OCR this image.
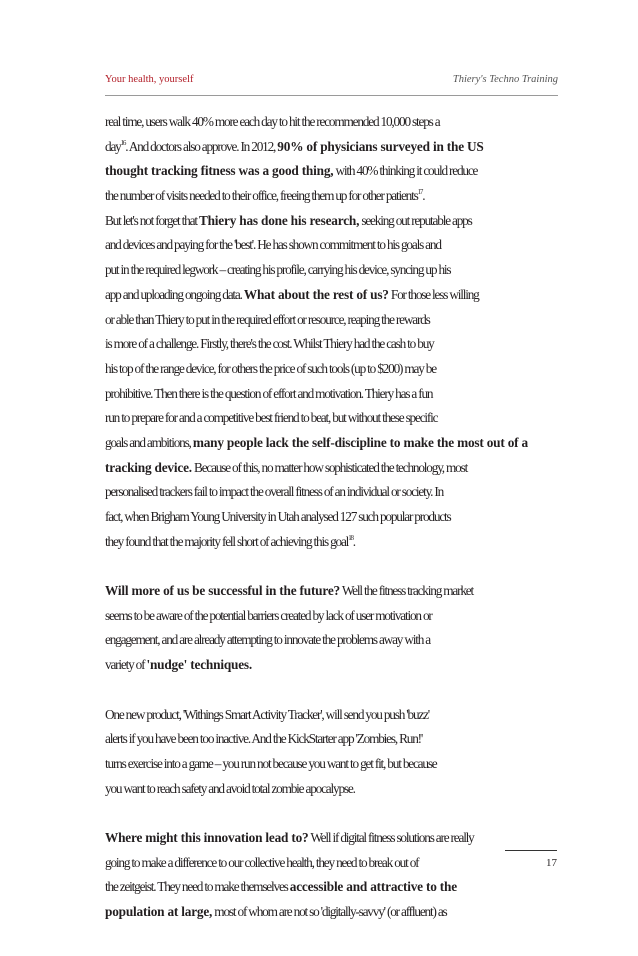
Your health, yourself	Thiery's Techno Training
real time, users walk 40% more each day to hit the recommended 10,000 steps a
day$^{16}$. And doctors also approve. In 2012, 90% of physicians surveyed in the US
thought tracking fitness was a good thing, with 40% thinking it could reduce
the number of visits needed to their office, freeing them up for other patients$^{17}$.
But let's not forget that Thiery has done his research, seeking out reputable apps
and devices and paying for the 'best'. He has shown commitment to his goals and
put in the required legwork – creating his profile, carrying his device, syncing up his
app and uploading ongoing data. What about the rest of us? For those less willing
or able than Thiery to put in the required effort or resource, reaping the rewards
is more of a challenge. Firstly, there's the cost. Whilst Thiery had the cash to buy
his top of the range device, for others the price of such tools (up to $200) may be
prohibitive. Then there is the question of effort and motivation. Thiery has a fun
run to prepare for and a competitive best friend to beat, but without these specific
goals and ambitions, many people lack the self-discipline to make the most out of a
tracking device. Because of this, no matter how sophisticated the technology, most
personalised trackers fail to impact the overall fitness of an individual or society. In
fact, when Brigham Young University in Utah analysed 127 such popular products
they found that the majority fell short of achieving this goal$^{18}$.
Will more of us be successful in the future? Well the fitness tracking market
seems to be aware of the potential barriers created by lack of user motivation or
engagement, and are already attempting to innovate the problems away with a
variety of 'nudge' techniques.
One new product, 'Withings Smart Activity Tracker', will send you push 'buzz'
alerts if you have been too inactive. And the KickStarter app 'Zombies, Run!'
turns exercise into a game – you run not because you want to get fit, but because
you want to reach safety and avoid total zombie apocalypse.
Where might this innovation lead to? Well if digital fitness solutions are really
going to make a difference to our collective health, they need to break out of
the zeitgeist. They need to make themselves accessible and attractive to the
population at large, most of whom are not so 'digitally-savvy' (or affluent) as
17
